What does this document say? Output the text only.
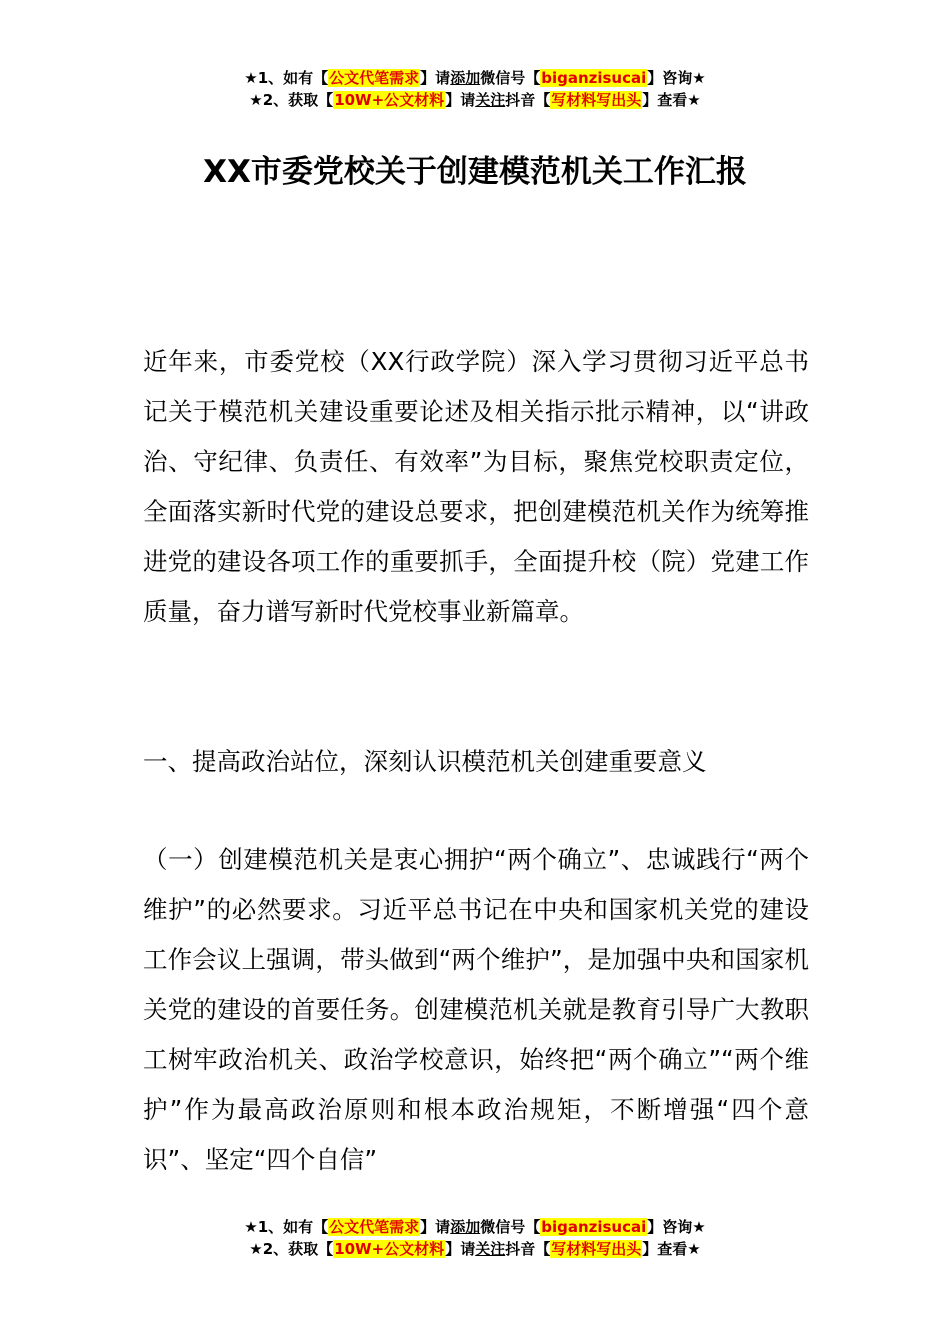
★1、如有【公文代笔需求】请添加微信号【biganzisucai】咨询★
★2、获取【10W+公文材料】请关注抖音【写材料写出头】查看★
XX市委党校关于创建模范机关工作汇报
近年来，市委党校（XX行政学院）深入学习贯彻习近平总书记关于模范机关建设重要论述及相关指示批示精神，以“讲政治、守纪律、负责任、有效率”为目标，聚焦党校职责定位，全面落实新时代党的建设总要求，把创建模范机关作为统筹推进党的建设各项工作的重要抓手，全面提升校（院）党建工作质量，奋力谱写新时代党校事业新篇章。
一、提高政治站位，深刻认识模范机关创建重要意义
（一）创建模范机关是衷心拥护“两个确立”、忠诚践行“两个维护”的必然要求。习近平总书记在中央和国家机关党的建设工作会议上强调，带头做到“两个维护”，是加强中央和国家机关党的建设的首要任务。创建模范机关就是教育引导广大教职工树牢政治机关、政治学校意识，始终把“两个确立”“两个维护”作为最高政治原则和根本政治规矩，不断增强“四个意识”、坚定“四个自信”
★1、如有【公文代笔需求】请添加微信号【biganzisucai】咨询★
★2、获取【10W+公文材料】请关注抖音【写材料写出头】查看★
